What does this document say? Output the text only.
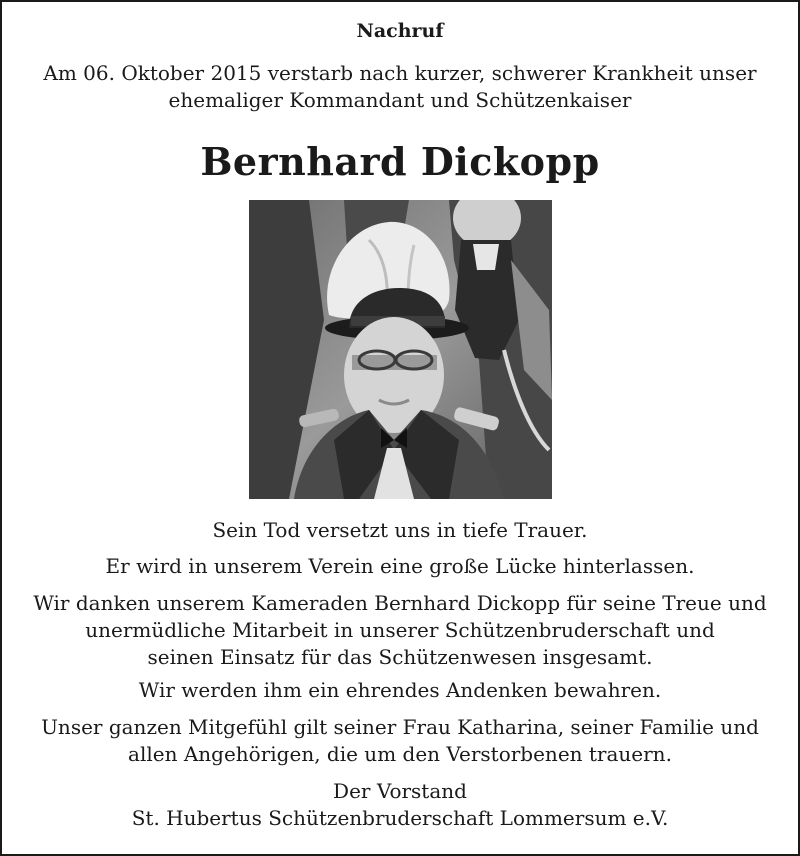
Nachruf
Am 06. Oktober 2015 verstarb nach kurzer, schwerer Krankheit unser
ehemaliger Kommandant und Schützenkaiser
Bernhard Dickopp
Sein Tod versetzt uns in tiefe Trauer.
Er wird in unserem Verein eine große Lücke hinterlassen.
Wir danken unserem Kameraden Bernhard Dickopp für seine Treue und
unermüdliche Mitarbeit in unserer Schützenbruderschaft und
seinen Einsatz für das Schützenwesen insgesamt.
Wir werden ihm ein ehrendes Andenken bewahren.
Unser ganzen Mitgefühl gilt seiner Frau Katharina, seiner Familie und
allen Angehörigen, die um den Verstorbenen trauern.
Der Vorstand
St. Hubertus Schützenbruderschaft Lommersum e.V.
